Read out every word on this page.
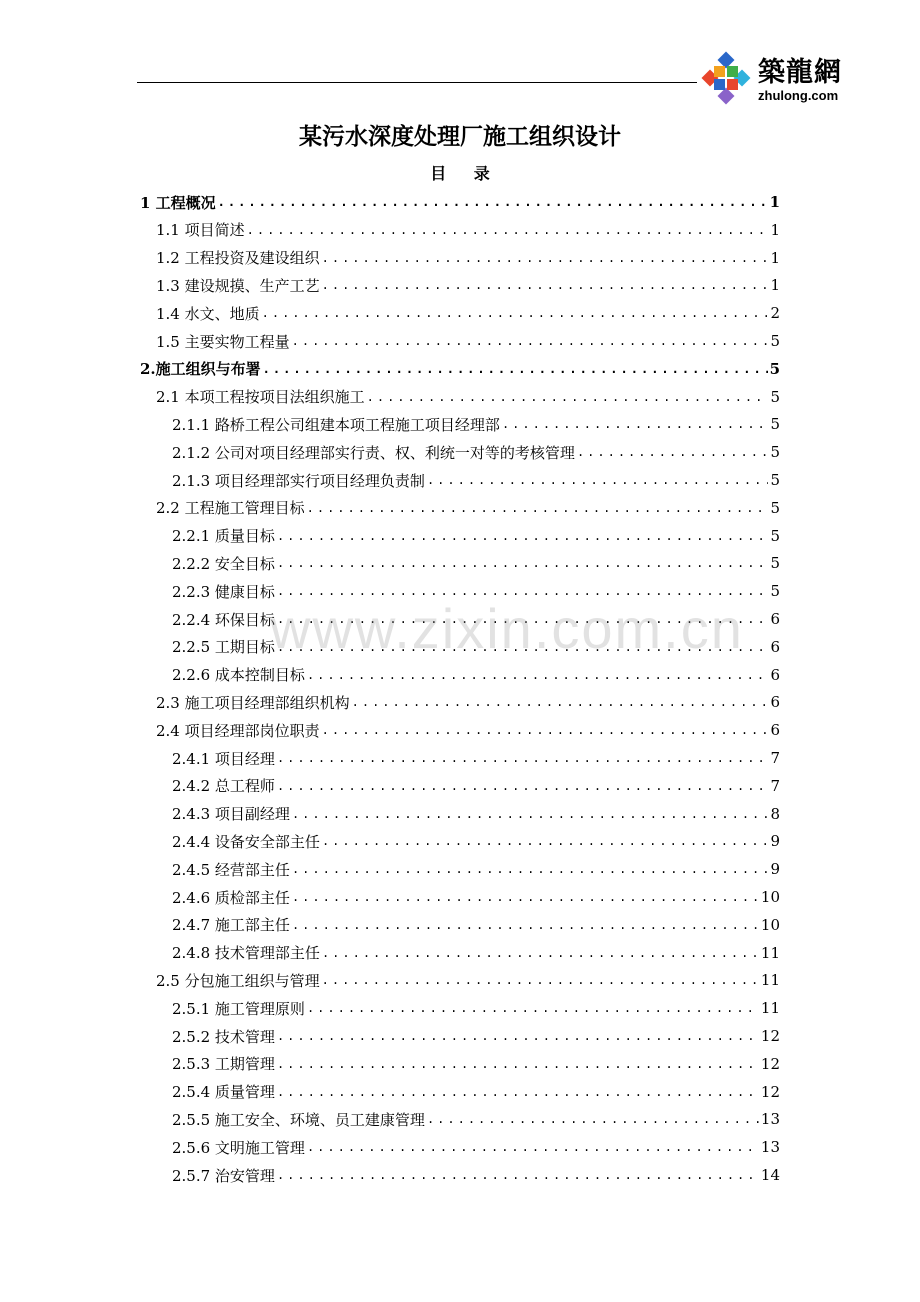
築龍網
zhulong.com
某污水深度处理厂施工组织设计
目 录
1 工程概况 .....	1
1.1 项目简述 .....	1
1.2 工程投资及建设组织 .....	1
1.3 建设规摸、生产工艺 .....	1
1.4 水文、地质 .....	2
1.5 主要实物工程量 .....	5
2.施工组织与布署 .....	5
2.1 本项工程按项目法组织施工 .....	5
2.1.1 路桥工程公司组建本项工程施工项目经理部 .....	5
2.1.2 公司对项目经理部实行责、权、利统一对等的考核管理 .....	5
2.1.3 项目经理部实行项目经理负责制 .....	5
2.2 工程施工管理目标 .....	5
2.2.1 质量目标 .....	5
2.2.2 安全目标 .....	5
2.2.3 健康目标 .....	5
2.2.4 环保目标 .....	6
2.2.5 工期目标 .....	6
2.2.6 成本控制目标 .....	6
2.3 施工项目经理部组织机构 .....	6
2.4 项目经理部岗位职责 .....	6
2.4.1 项目经理 .....	7
2.4.2 总工程师 .....	7
2.4.3 项目副经理 .....	8
2.4.4 设备安全部主任 .....	9
2.4.5 经营部主任 .....	9
2.4.6 质检部主任 .....	10
2.4.7 施工部主任 .....	10
2.4.8 技术管理部主任 .....	11
2.5 分包施工组织与管理 .....	11
2.5.1 施工管理原则 .....	11
2.5.2 技术管理 .....	12
2.5.3 工期管理 .....	12
2.5.4 质量管理 .....	12
2.5.5 施工安全、环境、员工建康管理 .....	13
2.5.6 文明施工管理 .....	13
2.5.7 治安管理 .....	14
www.zixin.com.cn
